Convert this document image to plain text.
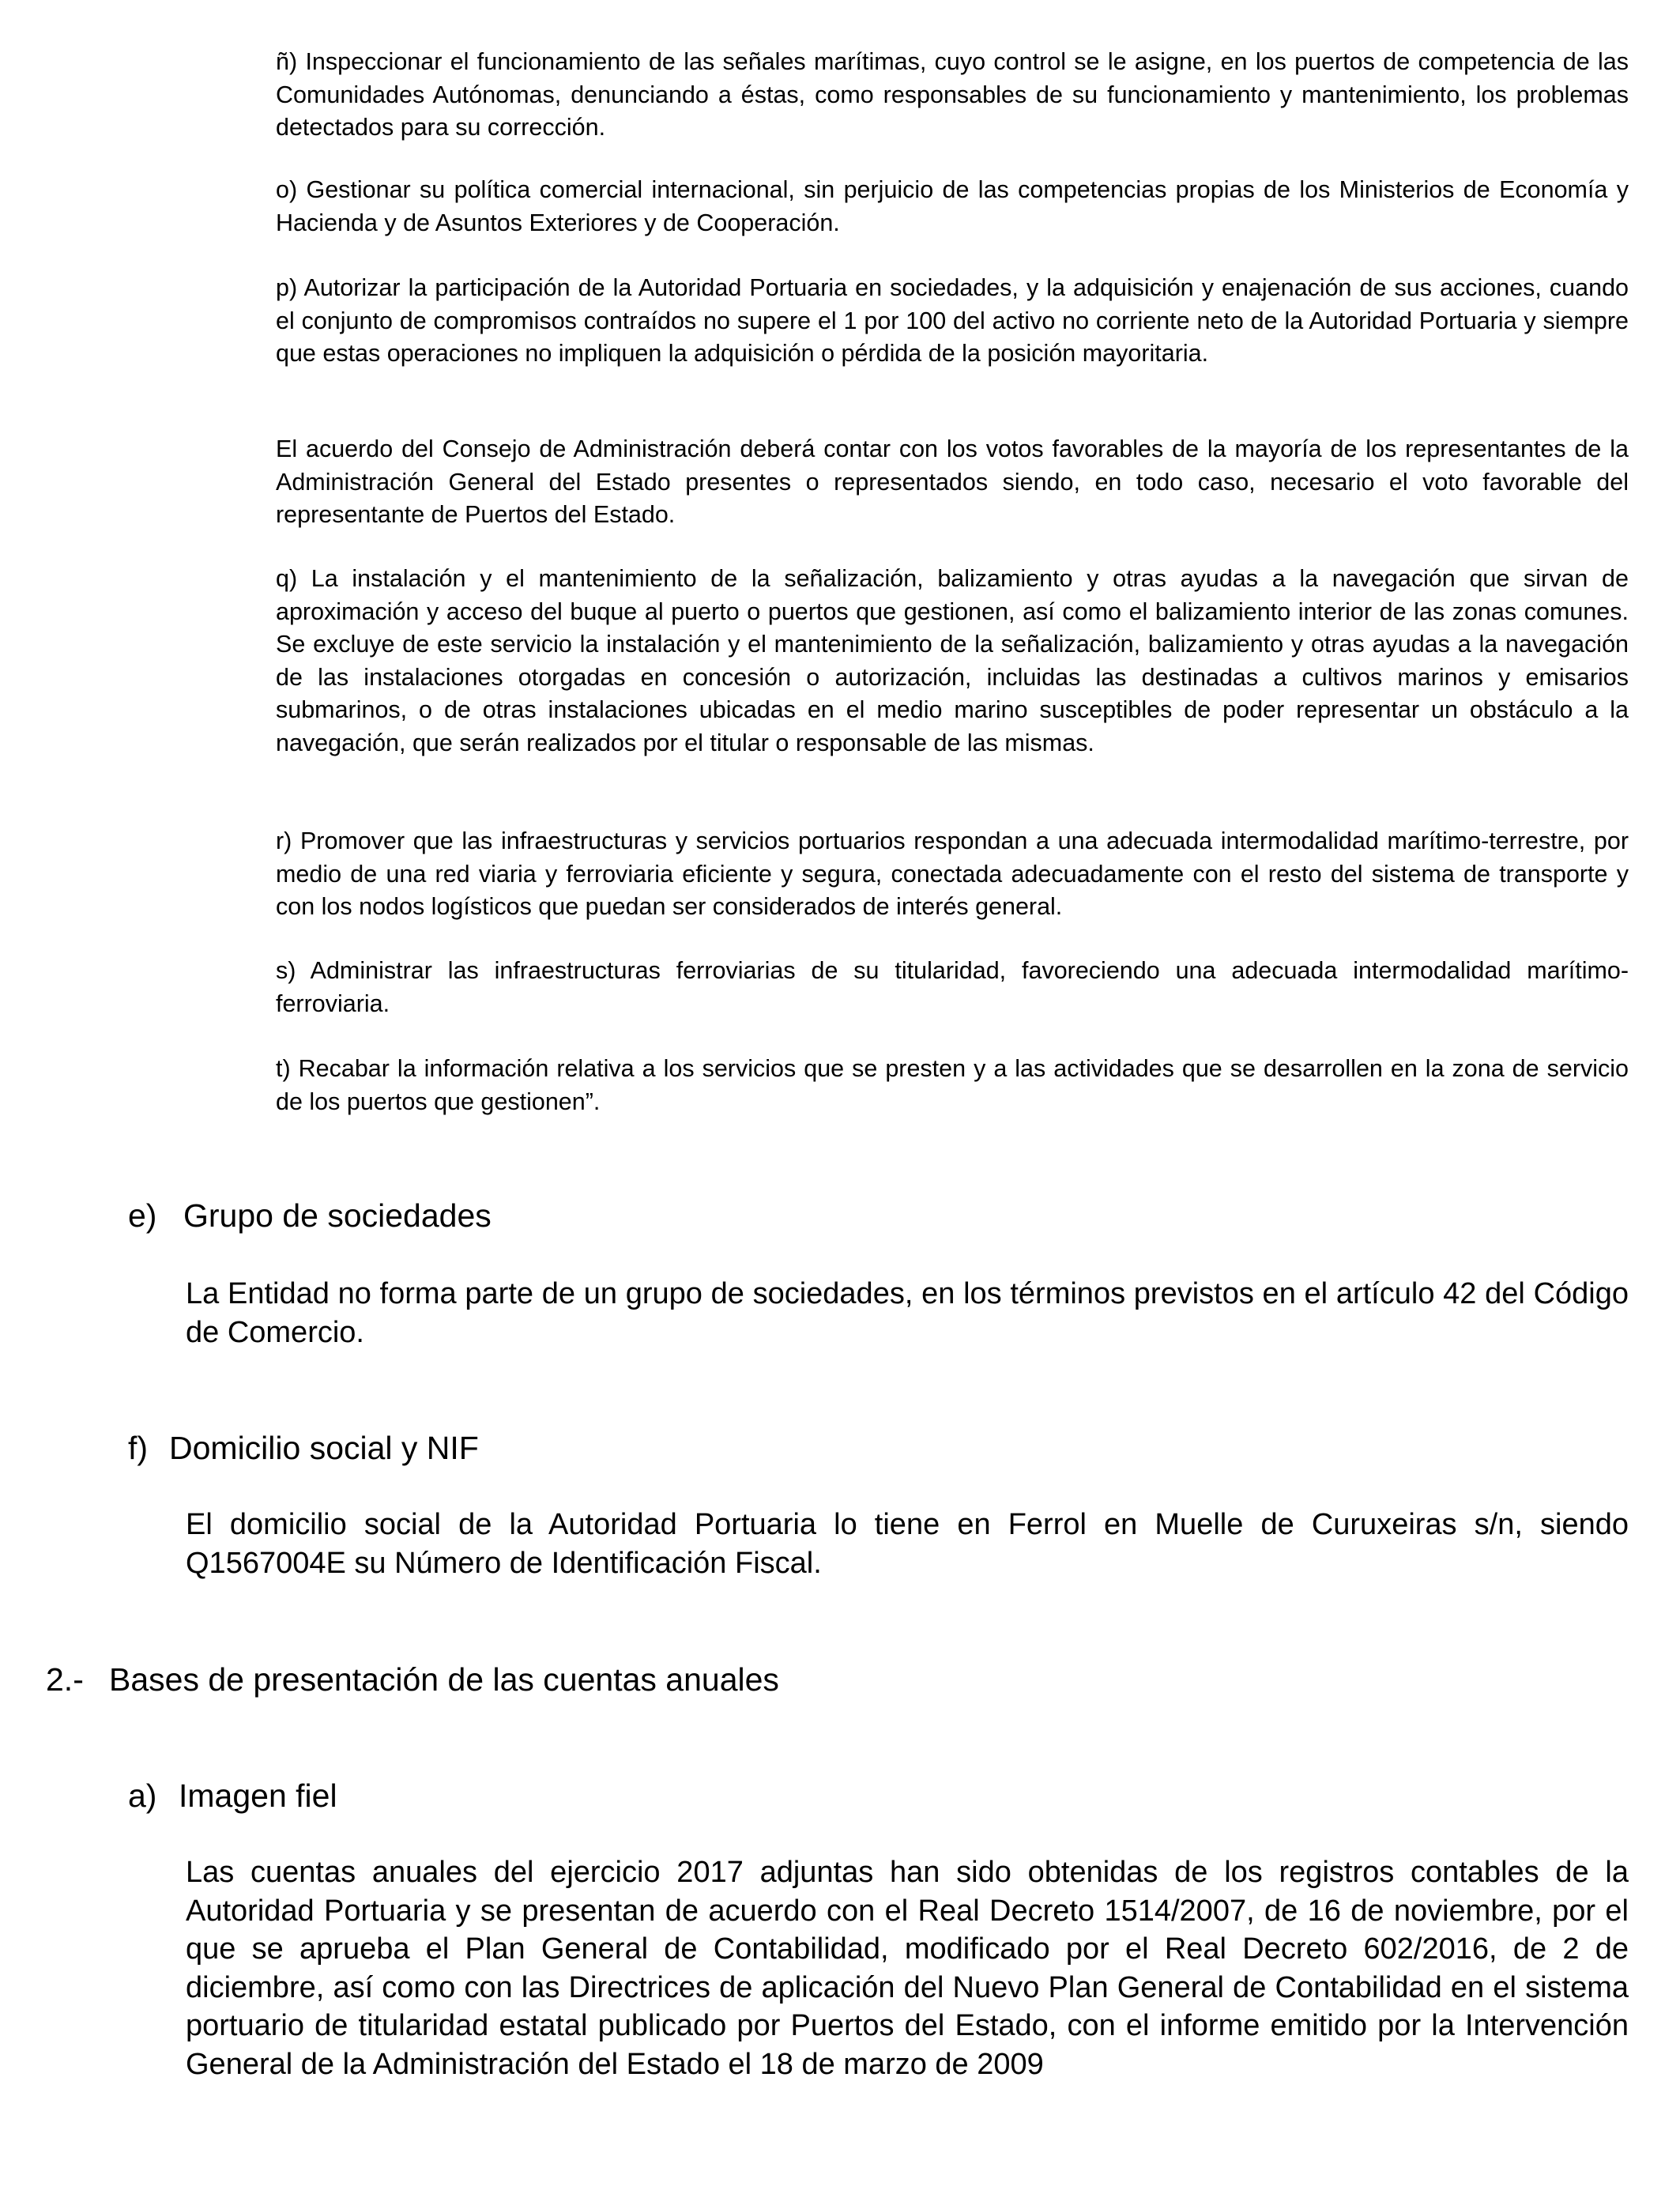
ñ) Inspeccionar el funcionamiento de las señales marítimas, cuyo control se le asigne, en los puertos de competencia de las Comunidades Autónomas, denunciando a éstas, como responsables de su funcionamiento y mantenimiento, los problemas detectados para su corrección.

o) Gestionar su política comercial internacional, sin perjuicio de las competencias propias de los Ministerios de Economía y Hacienda y de Asuntos Exteriores y de Cooperación.

p) Autorizar la participación de la Autoridad Portuaria en sociedades, y la adquisición y enajenación de sus acciones, cuando el conjunto de compromisos contraídos no supere el 1 por 100 del activo no corriente neto de la Autoridad Portuaria y siempre que estas operaciones no impliquen la adquisición o pérdida de la posición mayoritaria.

El acuerdo del Consejo de Administración deberá contar con los votos favorables de la mayoría de los representantes de la Administración General del Estado presentes o representados siendo, en todo caso, necesario el voto favorable del representante de Puertos del Estado.

q) La instalación y el mantenimiento de la señalización, balizamiento y otras ayudas a la navegación que sirvan de aproximación y acceso del buque al puerto o puertos que gestionen, así como el balizamiento interior de las zonas comunes. Se excluye de este servicio la instalación y el mantenimiento de la señalización, balizamiento y otras ayudas a la navegación de las instalaciones otorgadas en concesión o autorización, incluidas las destinadas a cultivos marinos y emisarios submarinos, o de otras instalaciones ubicadas en el medio marino susceptibles de poder representar un obstáculo a la navegación, que serán realizados por el titular o responsable de las mismas.

r) Promover que las infraestructuras y servicios portuarios respondan a una adecuada intermodalidad marítimo-terrestre, por medio de una red viaria y ferroviaria eficiente y segura, conectada adecuadamente con el resto del sistema de transporte y con los nodos logísticos que puedan ser considerados de interés general.

s) Administrar las infraestructuras ferroviarias de su titularidad, favoreciendo una adecuada intermodalidad marítimo-ferroviaria.

t) Recabar la información relativa a los servicios que se presten y a las actividades que se desarrollen en la zona de servicio de los puertos que gestionen”.

e) Grupo de sociedades

La Entidad no forma parte de un grupo de sociedades, en los términos previstos en el artículo 42 del Código de Comercio.

f) Domicilio social y NIF

El domicilio social de la Autoridad Portuaria lo tiene en Ferrol en Muelle de Curuxeiras s/n, siendo Q1567004E su Número de Identificación Fiscal.

2.- Bases de presentación de las cuentas anuales
a) Imagen fiel

Las cuentas anuales del ejercicio 2017 adjuntas han sido obtenidas de los registros contables de la Autoridad Portuaria y se presentan de acuerdo con el Real Decreto 1514/2007, de 16 de noviembre, por el que se aprueba el Plan General de Contabilidad, modificado por el Real Decreto 602/2016, de 2 de diciembre, así como con las Directrices de aplicación del Nuevo Plan General de Contabilidad en el sistema portuario de titularidad estatal publicado por Puertos del Estado, con el informe emitido por la Intervención General de la Administración del Estado el 18 de marzo de 2009
